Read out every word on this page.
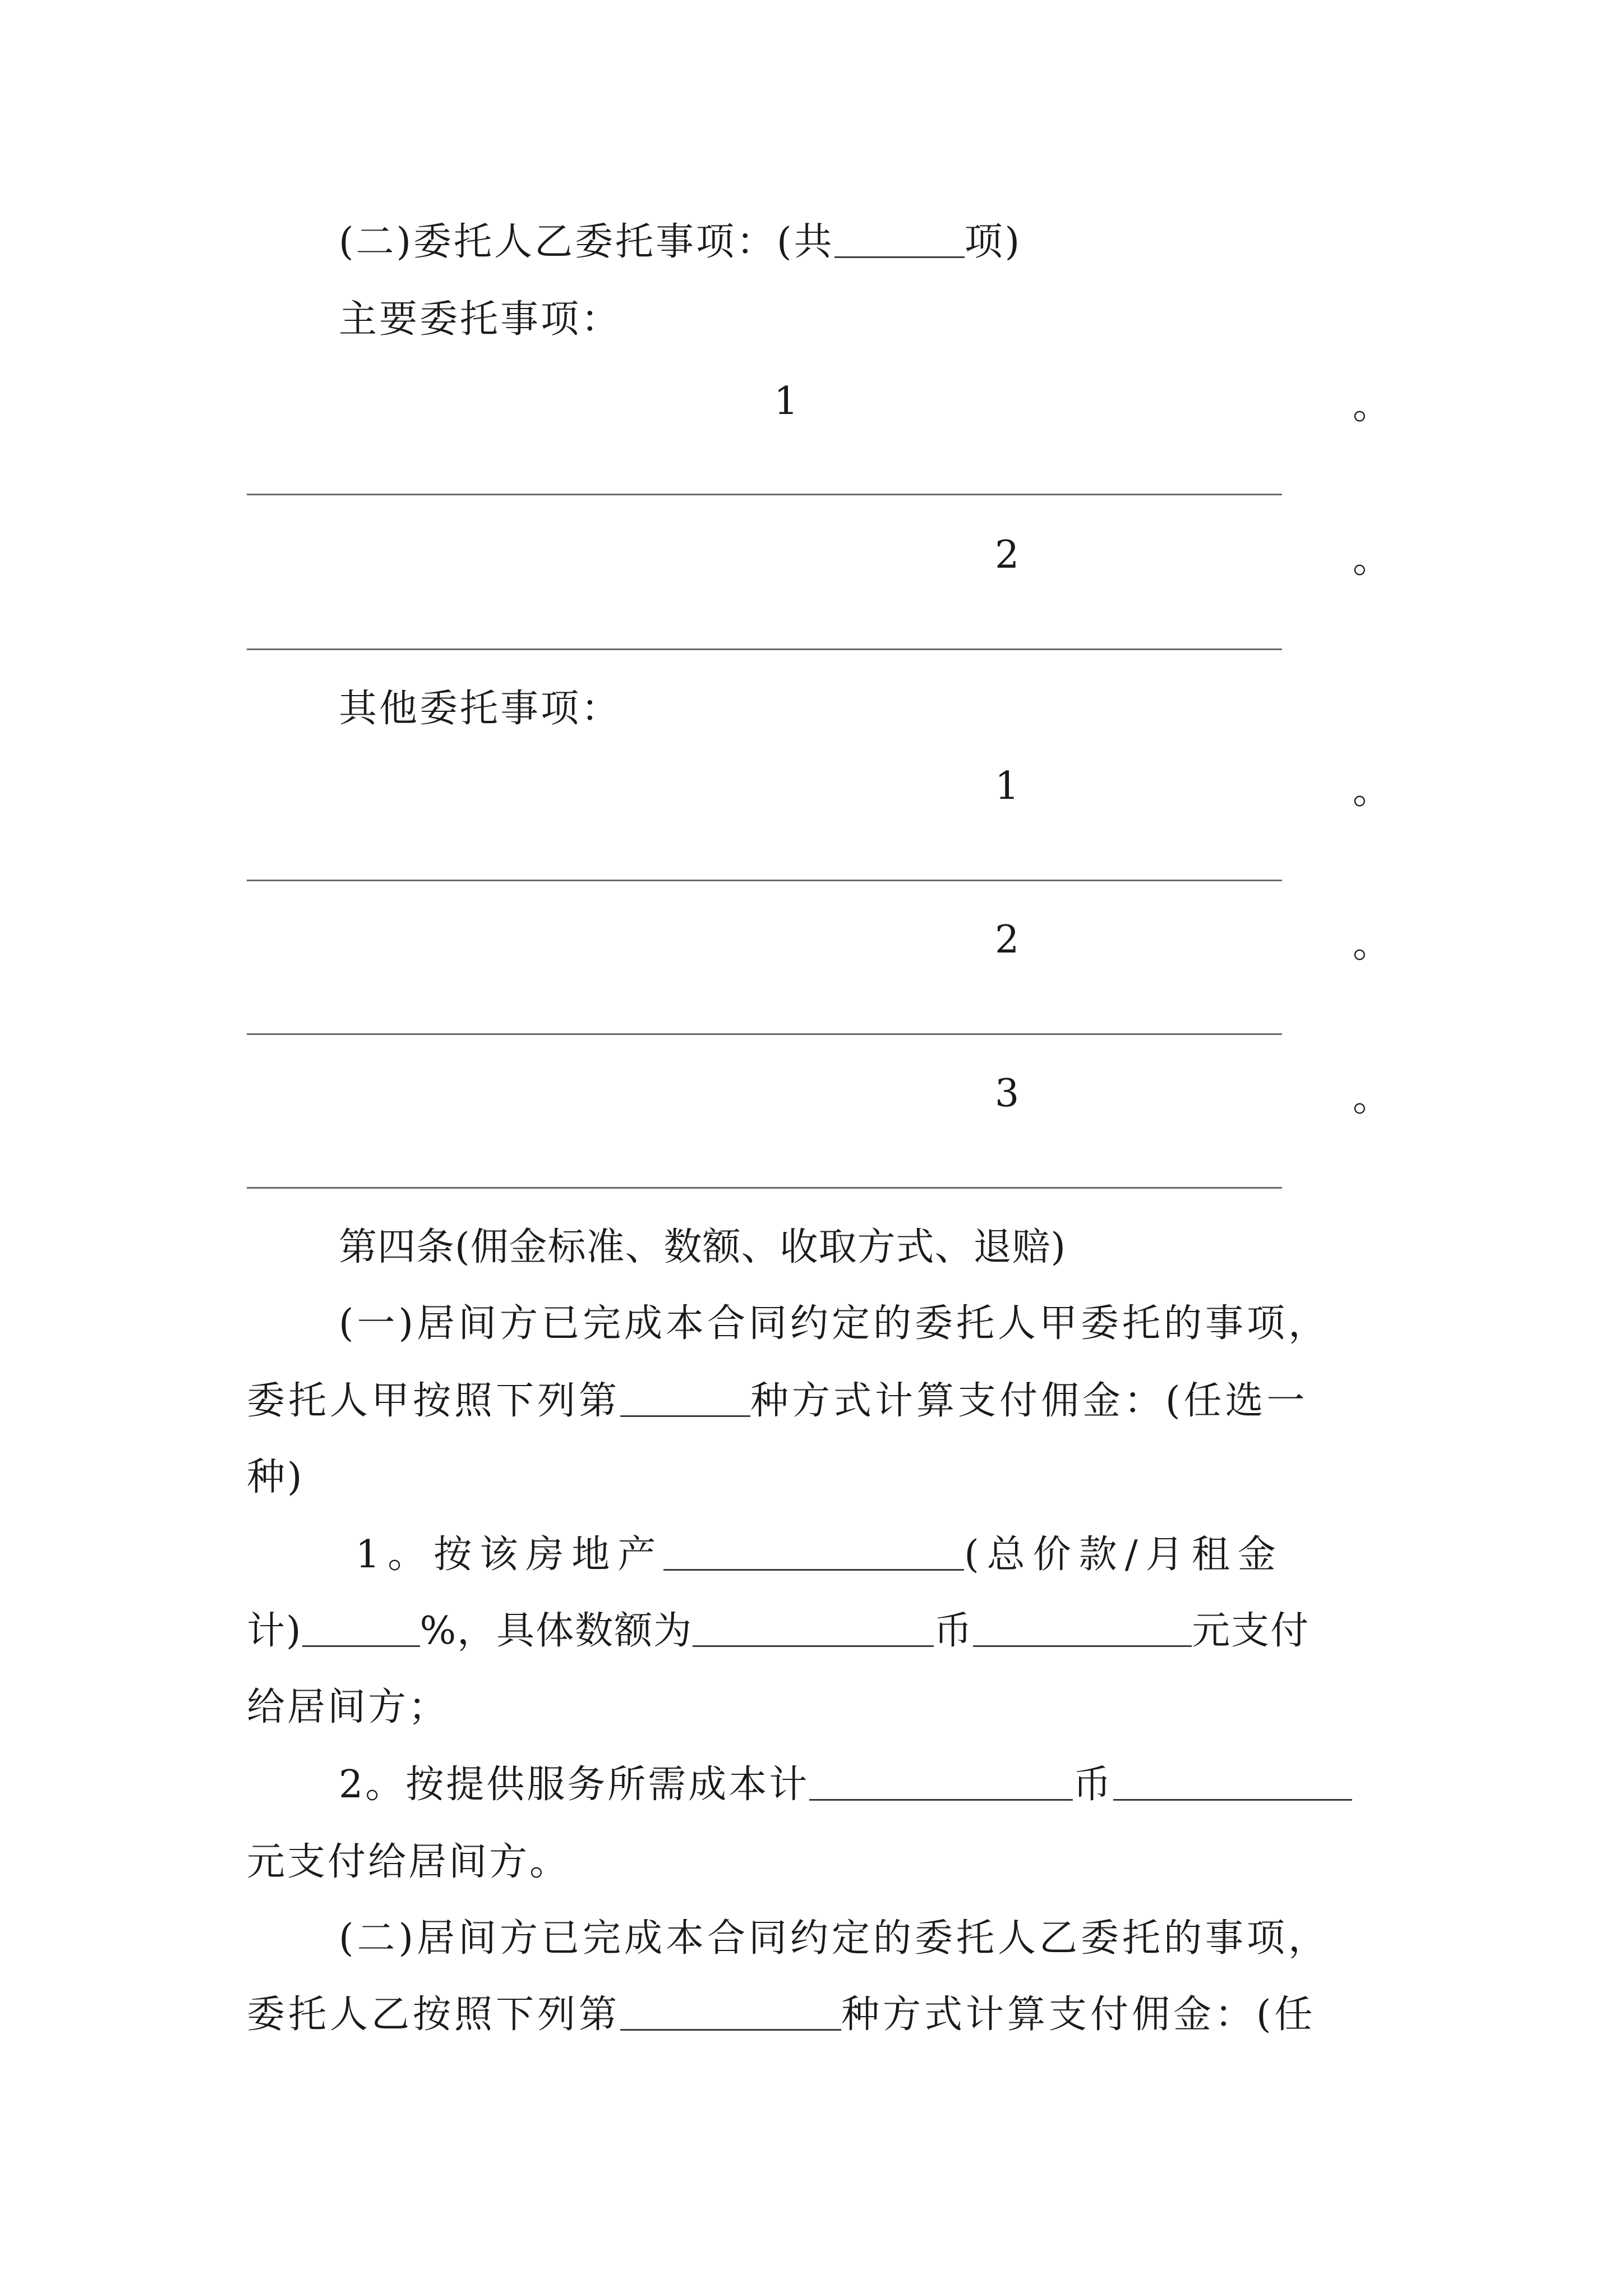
(二)委托人乙委托事项：(共	项)
主要委托事项：
1	。
2	。
其他委托事项：
1	。
2	。
3	。
第四条(佣金标准、数额、收取方式、退赔)
(一)居间方已完成本合同约定的委托人甲委托的事项，
委托人甲按照下列第	种方式计算支付佣金：(任选一
种)
1。按该房地产	(总价款/月租金
计)	%，具体数额为	币	元支付
给居间方；
2。按提供服务所需成本计	币
元支付给居间方。
(二)居间方已完成本合同约定的委托人乙委托的事项，
委托人乙按照下列第	种方式计算支付佣金：(任
